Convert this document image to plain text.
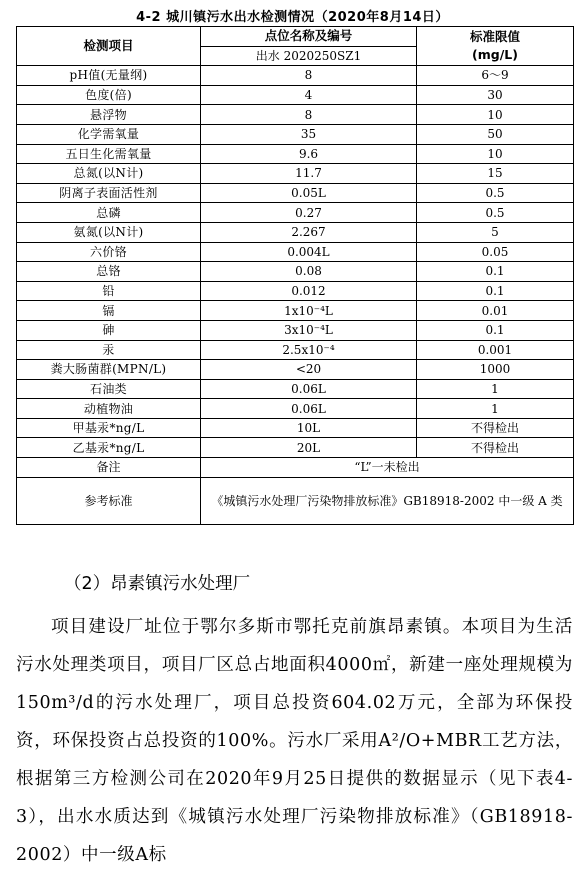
4-2 城川镇污水出水检测情况（2020年8月14日）
检测项目	点位名称及编号	标准限值
(mg/L)
	出水 2020250SZ1	
pH值(无量纲)	8	6～9
色度(倍)	4	30
悬浮物	8	10
化学需氧量	35	50
五日生化需氧量	9.6	10
总氮(以N计)	11.7	15
阴离子表面活性剂	0.05L	0.5
总磷	0.27	0.5
氨氮(以N计)	2.267	5
六价铬	0.004L	0.05
总铬	0.08	0.1
铅	0.012	0.1
镉	1x10⁻⁴L	0.01
砷	3x10⁻⁴L	0.1
汞	2.5x10⁻⁴	0.001
粪大肠菌群(MPN/L)	<20	1000
石油类	0.06L	1
动植物油	0.06L	1
甲基汞*ng/L	10L	不得检出
乙基汞*ng/L	20L	不得检出
备注	“L”一未检出	
参考标准	《城镇污水处理厂污染物排放标准》GB18918-2002 中一级 A 类	
（2）昂素镇污水处理厂
项目建设厂址位于鄂尔多斯市鄂托克前旗昂素镇。本项目为生活污水处理类项目，项目厂区总占地面积4000㎡，新建一座处理规模为150m³/d的污水处理厂，项目总投资604.02万元，全部为环保投资，环保投资占总投资的100%。污水厂采用A²/O+MBR工艺方法，根据第三方检测公司在2020年9月25日提供的数据显示（见下表4-3），出水水质达到《城镇污水处理厂污染物排放标准》（GB18918-2002）中一级A标
